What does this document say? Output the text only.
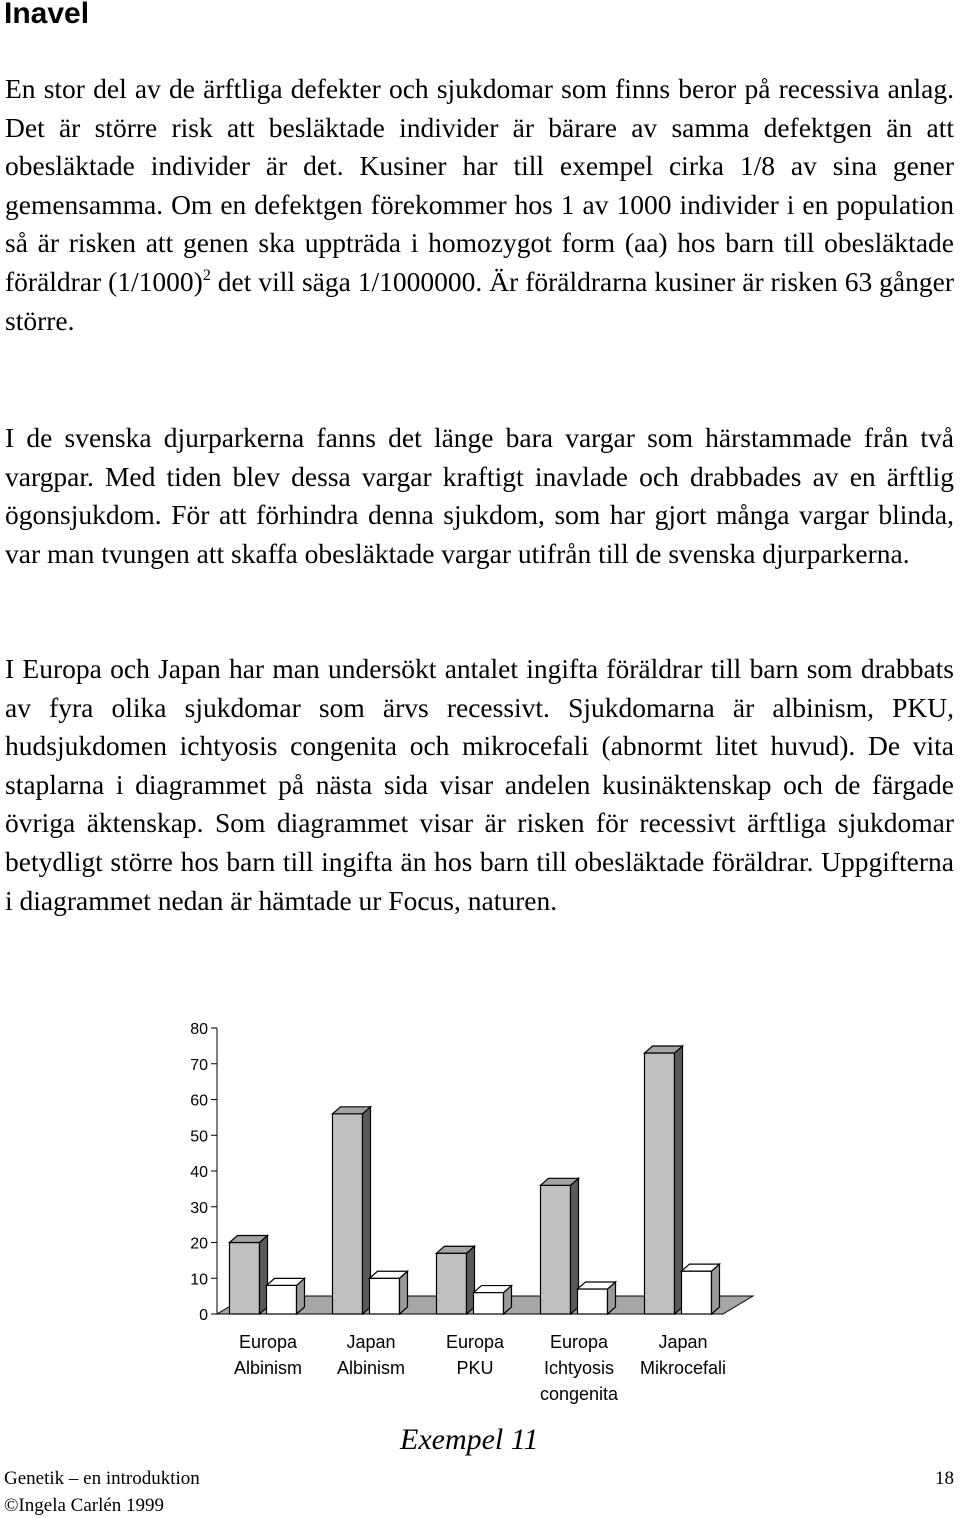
Inavel

En stor del av de ärftliga defekter och sjukdomar som finns beror på recessiva anlag. Det är större risk att besläktade individer är bärare av samma defektgen än att obesläktade individer är det. Kusiner har till exempel cirka 1/8 av sina gener gemensamma. Om en defektgen förekommer hos 1 av 1000 individer i en population så är risken att genen ska uppträda i homozygot form (aa) hos barn till obesläktade föräldrar $(1/1000)^2$ det vill säga 1/1000000. Är föräldrarna kusiner är risken 63 gånger större.

I de svenska djurparkerna fanns det länge bara vargar som härstammade från två vargpar. Med tiden blev dessa vargar kraftigt inavlade och drabbades av en ärftlig ögonsjukdom. För att förhindra denna sjukdom, som har gjort många vargar blinda, var man tvungen att skaffa obesläktade vargar utifrån till de svenska djurparkerna.

I Europa och Japan har man undersökt antalet ingifta föräldrar till barn som drabbats av fyra olika sjukdomar som ärvs recessivt. Sjukdomarna är albinism, PKU, hudsjukdomen ichtyosis congenita och mikrocefali (abnormt litet huvud). De vita staplarna i diagrammet på nästa sida visar andelen kusinäktenskap och de färgade övriga äktenskap. Som diagrammet visar är risken för recessivt ärftliga sjukdomar betydligt större hos barn till ingifta än hos barn till obesläktade föräldrar. Uppgifterna i diagrammet nedan är hämtade ur Focus, naturen.

0
10
20
30
40
50
60
70
80
Europa
Albinism
Japan
Albinism
Europa
PKU
Europa
Ichtyosis
congenita
Japan
Mikrocefali
Exempel 11
Genetik – en introduktion
©Ingela Carlén 1999
18
